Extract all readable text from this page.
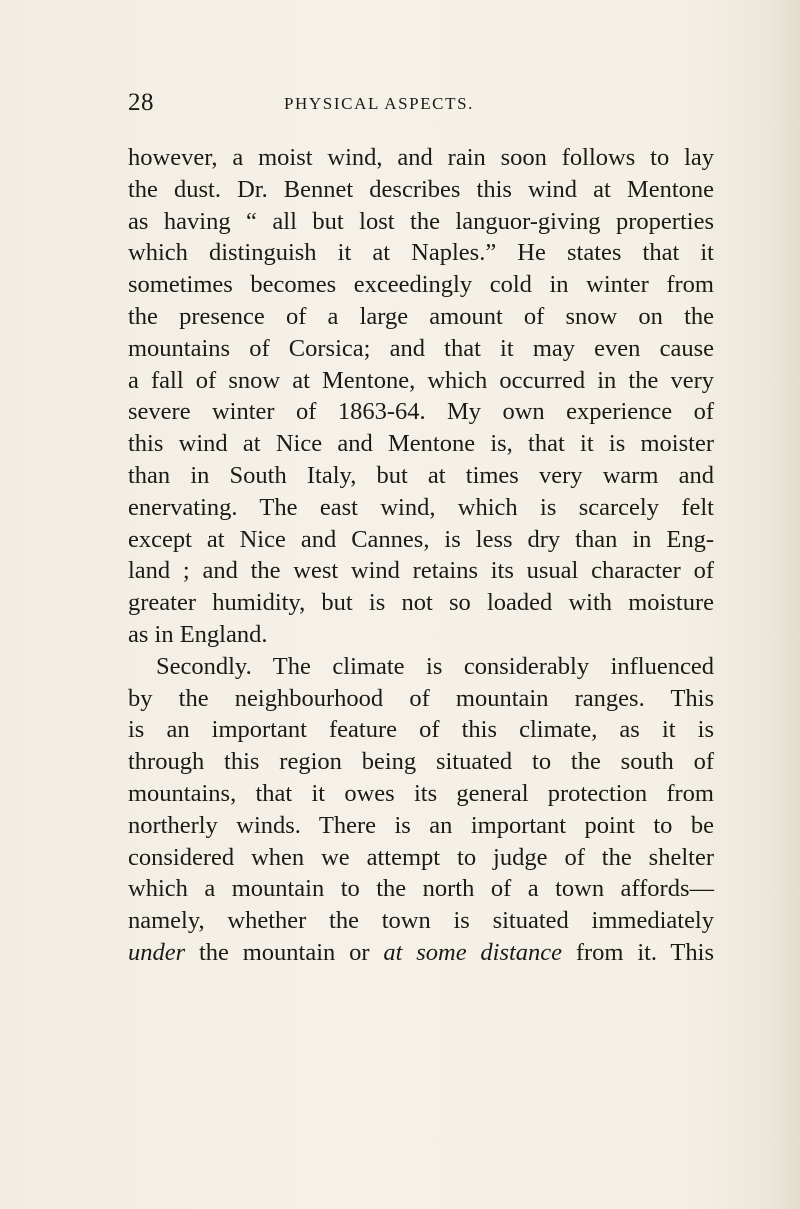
28	PHYSICAL ASPECTS.
however, a moist wind, and rain soon follows to lay
the dust. Dr. Bennet describes this wind at Mentone
as having “ all but lost the languor-giving properties
which distinguish it at Naples.” He states that it
sometimes becomes exceedingly cold in winter from
the presence of a large amount of snow on the
mountains of Corsica; and that it may even cause
a fall of snow at Mentone, which occurred in the very
severe winter of 1863-64. My own experience of
this wind at Nice and Mentone is, that it is moister
than in South Italy, but at times very warm and
enervating. The east wind, which is scarcely felt
except at Nice and Cannes, is less dry than in Eng-
land ; and the west wind retains its usual character of
greater humidity, but is not so loaded with moisture
as in England.
Secondly. The climate is considerably influenced
by the neighbourhood of mountain ranges. This
is an important feature of this climate, as it is
through this region being situated to the south of
mountains, that it owes its general protection from
northerly winds. There is an important point to be
considered when we attempt to judge of the shelter
which a mountain to the north of a town affords—
namely, whether the town is situated immediately
under the mountain or at some distance from it. This
